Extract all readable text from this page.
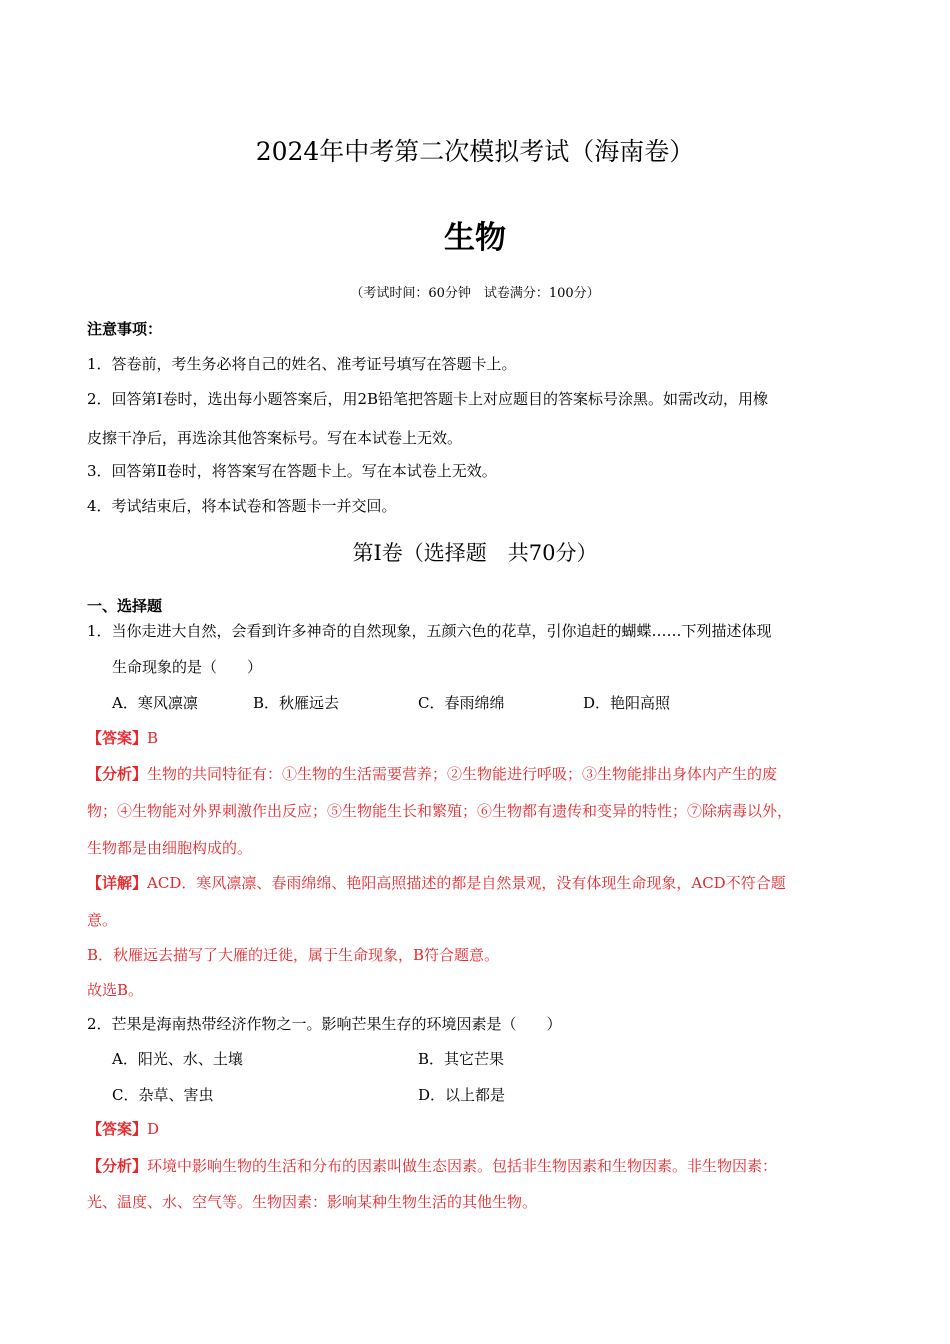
2024年中考第二次模拟考试（海南卷）
生物
（考试时间：60分钟　试卷满分：100分）
注意事项：
1．答卷前，考生务必将自己的姓名、准考证号填写在答题卡上。
2．回答第Ⅰ卷时，选出每小题答案后，用2B铅笔把答题卡上对应题目的答案标号涂黑。如需改动，用橡
皮擦干净后，再选涂其他答案标号。写在本试卷上无效。
3．回答第Ⅱ卷时，将答案写在答题卡上。写在本试卷上无效。
4．考试结束后，将本试卷和答题卡一并交回。
第Ⅰ卷（选择题　共70分）
一、选择题
1．当你走进大自然，会看到许多神奇的自然现象，五颜六色的花草，引你追赶的蝴蝶……下列描述体现
生命现象的是（　　）
A．寒风凛凛	B．秋雁远去	C．春雨绵绵	D．艳阳高照
【答案】B
【分析】生物的共同特征有：①生物的生活需要营养；②生物能进行呼吸；③生物能排出身体内产生的废
物；④生物能对外界刺激作出反应；⑤生物能生长和繁殖；⑥生物都有遗传和变异的特性；⑦除病毒以外，
生物都是由细胞构成的。
【详解】ACD．寒风凛凛、春雨绵绵、艳阳高照描述的都是自然景观，没有体现生命现象，ACD不符合题
意。
B．秋雁远去描写了大雁的迁徙，属于生命现象，B符合题意。
故选B。
2．芒果是海南热带经济作物之一。影响芒果生存的环境因素是（　　）
A．阳光、水、土壤	B．其它芒果
C．杂草、害虫	D．以上都是
【答案】D
【分析】环境中影响生物的生活和分布的因素叫做生态因素。包括非生物因素和生物因素。非生物因素：
光、温度、水、空气等。生物因素：影响某种生物生活的其他生物。
